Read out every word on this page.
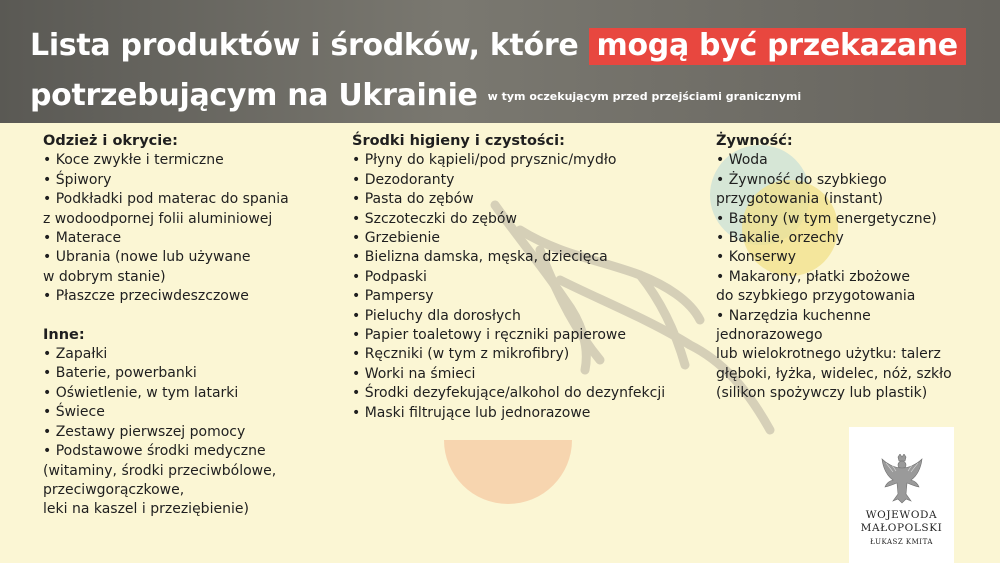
Lista produktów i środków, które mogą być przekazane
potrzebującym na Ukrainie w tym oczekującym przed przejściami granicznymi
Odzież i okrycie:
• Koce zwykłe i termiczne
• Śpiwory
• Podkładki pod materac do spania
z wodoodpornej folii aluminiowej
• Materace
• Ubrania (nowe lub używane
w dobrym stanie)
• Płaszcze przeciwdeszczowe
Inne:
• Zapałki
• Baterie, powerbanki
• Oświetlenie, w tym latarki
• Świece
• Zestawy pierwszej pomocy
• Podstawowe środki medyczne
(witaminy, środki przeciwbólowe,
przeciwgorączkowe,
leki na kaszel i przeziębienie)
Środki higieny i czystości:
• Płyny do kąpieli/pod prysznic/mydło
• Dezodoranty
• Pasta do zębów
• Szczoteczki do zębów
• Grzebienie
• Bielizna damska, męska, dziecięca
• Podpaski
• Pampersy
• Pieluchy dla dorosłych
• Papier toaletowy i ręczniki papierowe
• Ręczniki (w tym z mikrofibry)
• Worki na śmieci
• Środki dezyfekujące/alkohol do dezynfekcji
• Maski filtrujące lub jednorazowe
Żywność:
• Woda
• Żywność do szybkiego
przygotowania (instant)
• Batony (w tym energetyczne)
• Bakalie, orzechy
• Konserwy
• Makarony, płatki zbożowe
do szybkiego przygotowania
• Narzędzia kuchenne
jednorazowego
lub wielokrotnego użytku: talerz
głęboki, łyżka, widelec, nóż, szkło
(silikon spożywczy lub plastik)
WOJEWODA
MAŁOPOLSKI
ŁUKASZ KMITA
